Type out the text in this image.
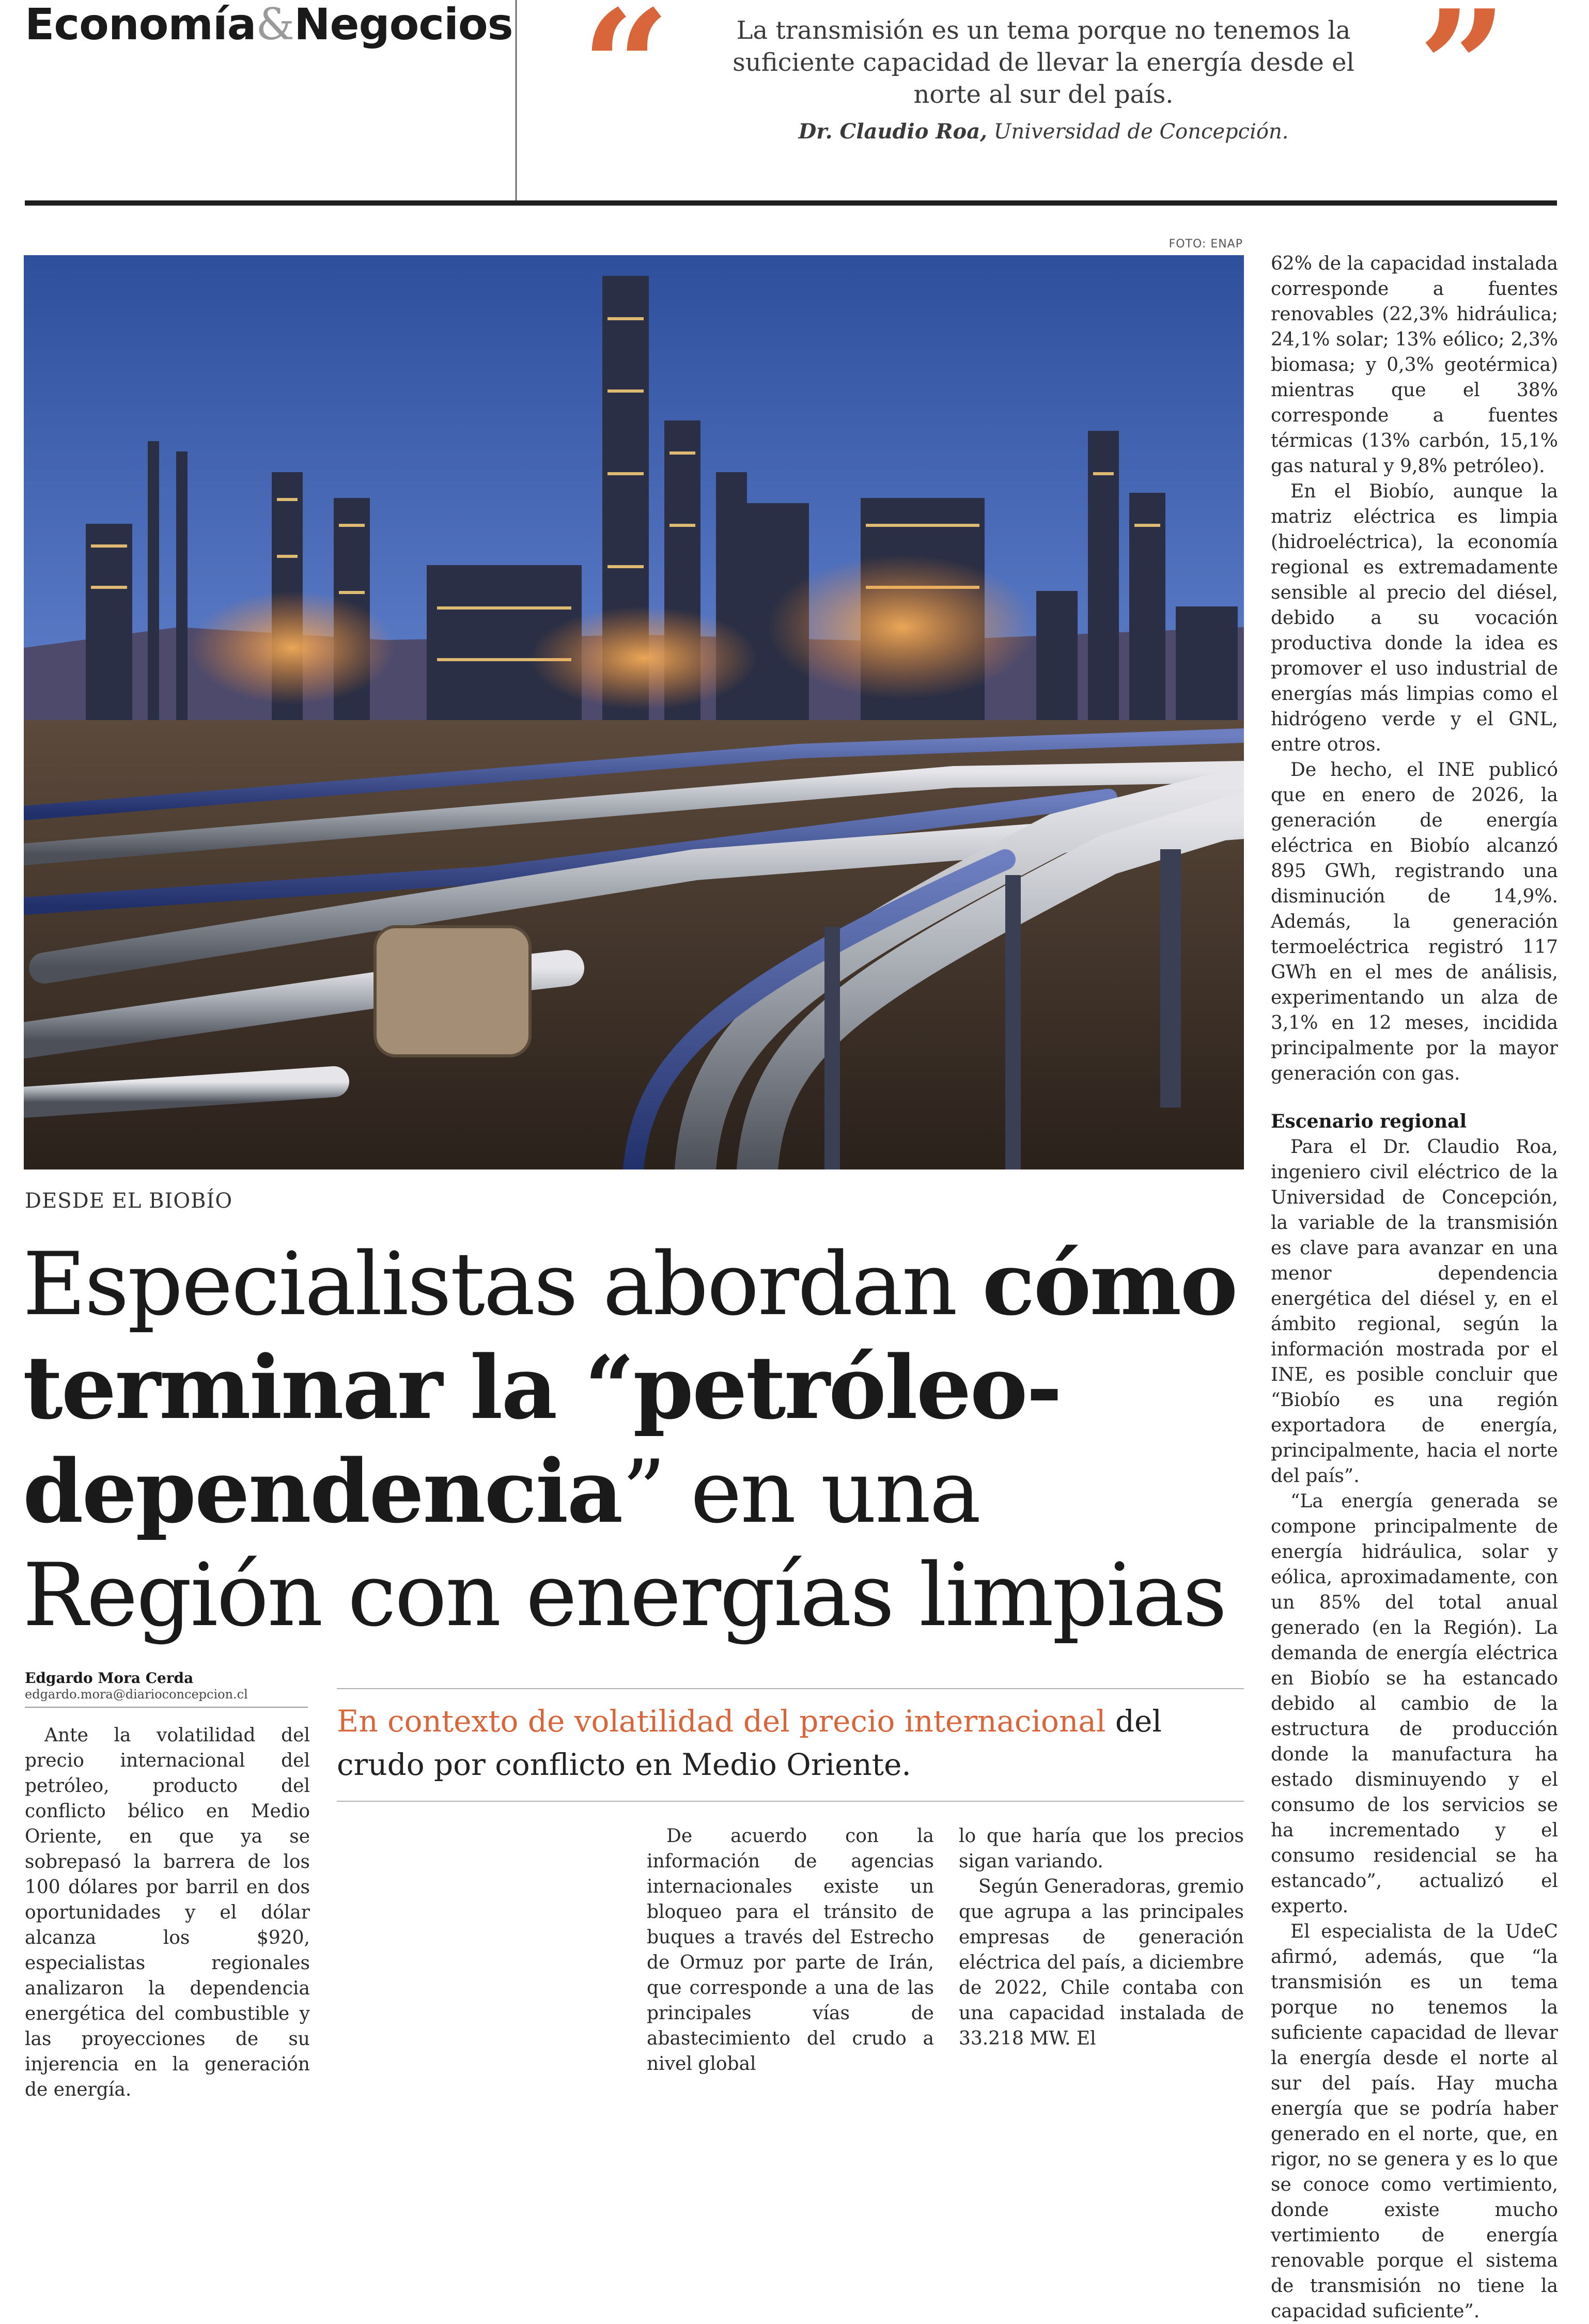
Economía&Negocios “	La transmisión es un tema porque no tenemos la suficiente capacidad de llevar la energía desde el norte al sur del país.	”
Dr. Claudio Roa, Universidad de Concepción.
FOTO: ENAP
DESDE EL BIOBÍO
Especialistas abordan cómo terminar la “petróleo-dependencia” en una Región con energías limpias
Edgardo Mora Cerda
edgardo.mora@diarioconcepcion.cl
En contexto de volatilidad del precio internacional del crudo por conflicto en Medio Oriente.

Ante la volatilidad del precio internacional del petróleo, producto del conflicto bélico en Medio Oriente, en que ya se sobrepasó la barrera de los 100 dólares por barril en dos oportunidades y el dólar alcanza los $920, especialistas regionales analizaron la dependencia energética del combustible y las proyecciones de su injerencia en la generación de energía.

De acuerdo con la información de agencias internacionales existe un bloqueo para el tránsito de buques a través del Estrecho de Ormuz por parte de Irán, que corresponde a una de las principales vías de abastecimiento del crudo a nivel global

lo que haría que los precios sigan variando.

Según Generadoras, gremio que agrupa a las principales empresas de generación eléctrica del país, a diciembre de 2022, Chile contaba con una capacidad instalada de 33.218 MW. El

62% de la capacidad instalada corresponde a fuentes renovables (22,3% hidráulica; 24,1% solar; 13% eólico; 2,3% biomasa; y 0,3% geotérmica) mientras que el 38% corresponde a fuentes térmicas (13% carbón, 15,1% gas natural y 9,8% petróleo).

En el Biobío, aunque la matriz eléctrica es limpia (hidroeléctrica), la economía regional es extremadamente sensible al precio del diésel, debido a su vocación productiva donde la idea es promover el uso industrial de energías más limpias como el hidrógeno verde y el GNL, entre otros.

De hecho, el INE publicó que en enero de 2026, la generación de energía eléctrica en Biobío alcanzó 895 GWh, registrando una disminución de 14,9%. Además, la generación termoeléctrica registró 117 GWh en el mes de análisis, experimentando un alza de 3,1% en 12 meses, incidida principalmente por la mayor generación con gas.

Escenario regional

Para el Dr. Claudio Roa, ingeniero civil eléctrico de la Universidad de Concepción, la variable de la transmisión es clave para avanzar en una menor dependencia energética del diésel y, en el ámbito regional, según la información mostrada por el INE, es posible concluir que “Biobío es una región exportadora de energía, principalmente, hacia el norte del país”.

“La energía generada se compone principalmente de energía hidráulica, solar y eólica, aproximadamente, con un 85% del total anual generado (en la Región). La demanda de energía eléctrica en Biobío se ha estancado debido al cambio de la estructura de producción donde la manufactura ha estado disminuyendo y el consumo de los servicios se ha incrementado y el consumo residencial se ha estancado”, actualizó el experto.

El especialista de la UdeC afirmó, además, que “la transmisión es un tema porque no tenemos la suficiente capacidad de llevar la energía desde el norte al sur del país. Hay mucha energía que se podría haber generado en el norte, que, en rigor, no se genera y es lo que se conoce como vertimiento, donde existe mucho vertimiento de energía renovable porque el sistema de transmisión no tiene la capacidad suficiente”.
